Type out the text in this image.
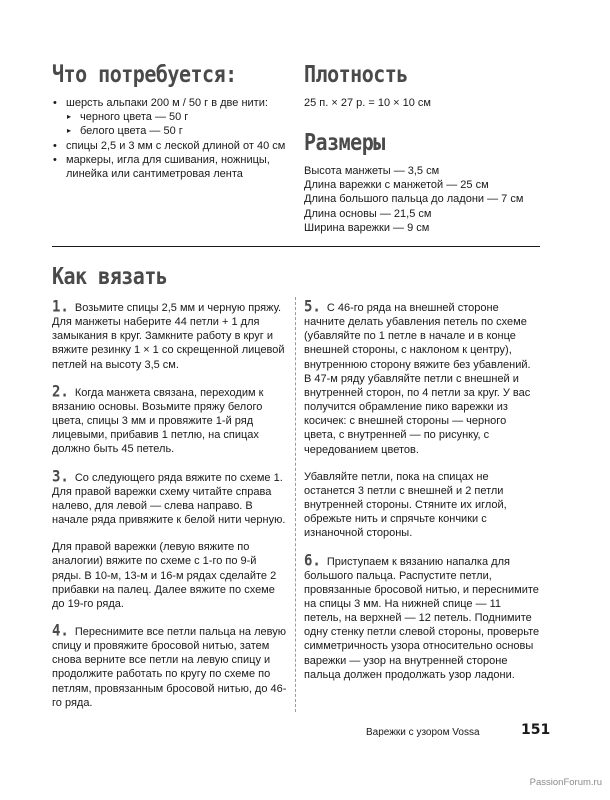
Что потребуется:
• шерсть альпаки 200 м / 50 г в две нити:
▸ черного цвета — 50 г
▸ белого цвета — 50 г
• спицы 2,5 и 3 мм с леской длиной от 40 см
• маркеры, игла для сшивания, ножницы, линейка или сантиметровая лента
Плотность
25 п. × 27 р. = 10 × 10 см
Размеры

Высота манжеты — 3,5 см

Длина варежки с манжетой — 25 см

Длина большого пальца до ладони — 7 см

Длина основы — 21,5 см

Ширина варежки — 9 см

Как вязать

1. Возьмите спицы 2,5 мм и черную пряжу. Для манжеты наберите 44 петли + 1 для замыкания в круг. Замкните работу в круг и вяжите резинку 1 × 1 со скрещенной лицевой петлей на высоту 3,5 см.

2. Когда манжета связана, переходим к вязанию основы. Возьмите пряжу белого цвета, спицы 3 мм и провяжите 1-й ряд лицевыми, прибавив 1 петлю, на спицах должно быть 45 петель.

3. Со следующего ряда вяжите по схеме 1. Для правой варежки схему читайте справа налево, для левой — слева направо. В начале ряда привяжите к белой нити черную.

Для правой варежки (левую вяжите по аналогии) вяжите по схеме с 1-го по 9-й ряды. В 10-м, 13-м и 16-м рядах сделайте 2 прибавки на палец. Далее вяжите по схеме до 19-го ряда.

4. Переснимите все петли пальца на левую спицу и провяжите бросовой нитью, затем снова верните все петли на левую спицу и продолжите работать по кругу по схеме по петлям, провязанным бросовой нитью, до 46-го ряда.

5. С 46-го ряда на внешней стороне начните делать убавления петель по схеме (убавляйте по 1 петле в начале и в конце внешней стороны, с наклоном к центру), внутреннюю сторону вяжите без убавлений. В 47-м ряду убавляйте петли с внешней и внутренней сторон, по 4 петли за круг. У вас получится обрамление пико варежки из косичек: с внешней стороны — черного цвета, с внутренней — по рисунку, с чередованием цветов.

Убавляйте петли, пока на спицах не останется 3 петли с внешней и 2 петли внутренней стороны. Стяните их иглой, обрежьте нить и спрячьте кончики с изнаночной стороны.

6. Приступаем к вязанию напалка для большого пальца. Распустите петли, провязанные бросовой нитью, и переснимите на спицы 3 мм. На нижней спице — 11 петель, на верхней — 12 петель. Поднимите одну стенку петли слевой стороны, проверьте симметричность узора относительно основы варежки — узор на внутренней стороне пальца должен продолжать узор ладони.

Варежки с узором Vossa	151
PassionForum.ru
